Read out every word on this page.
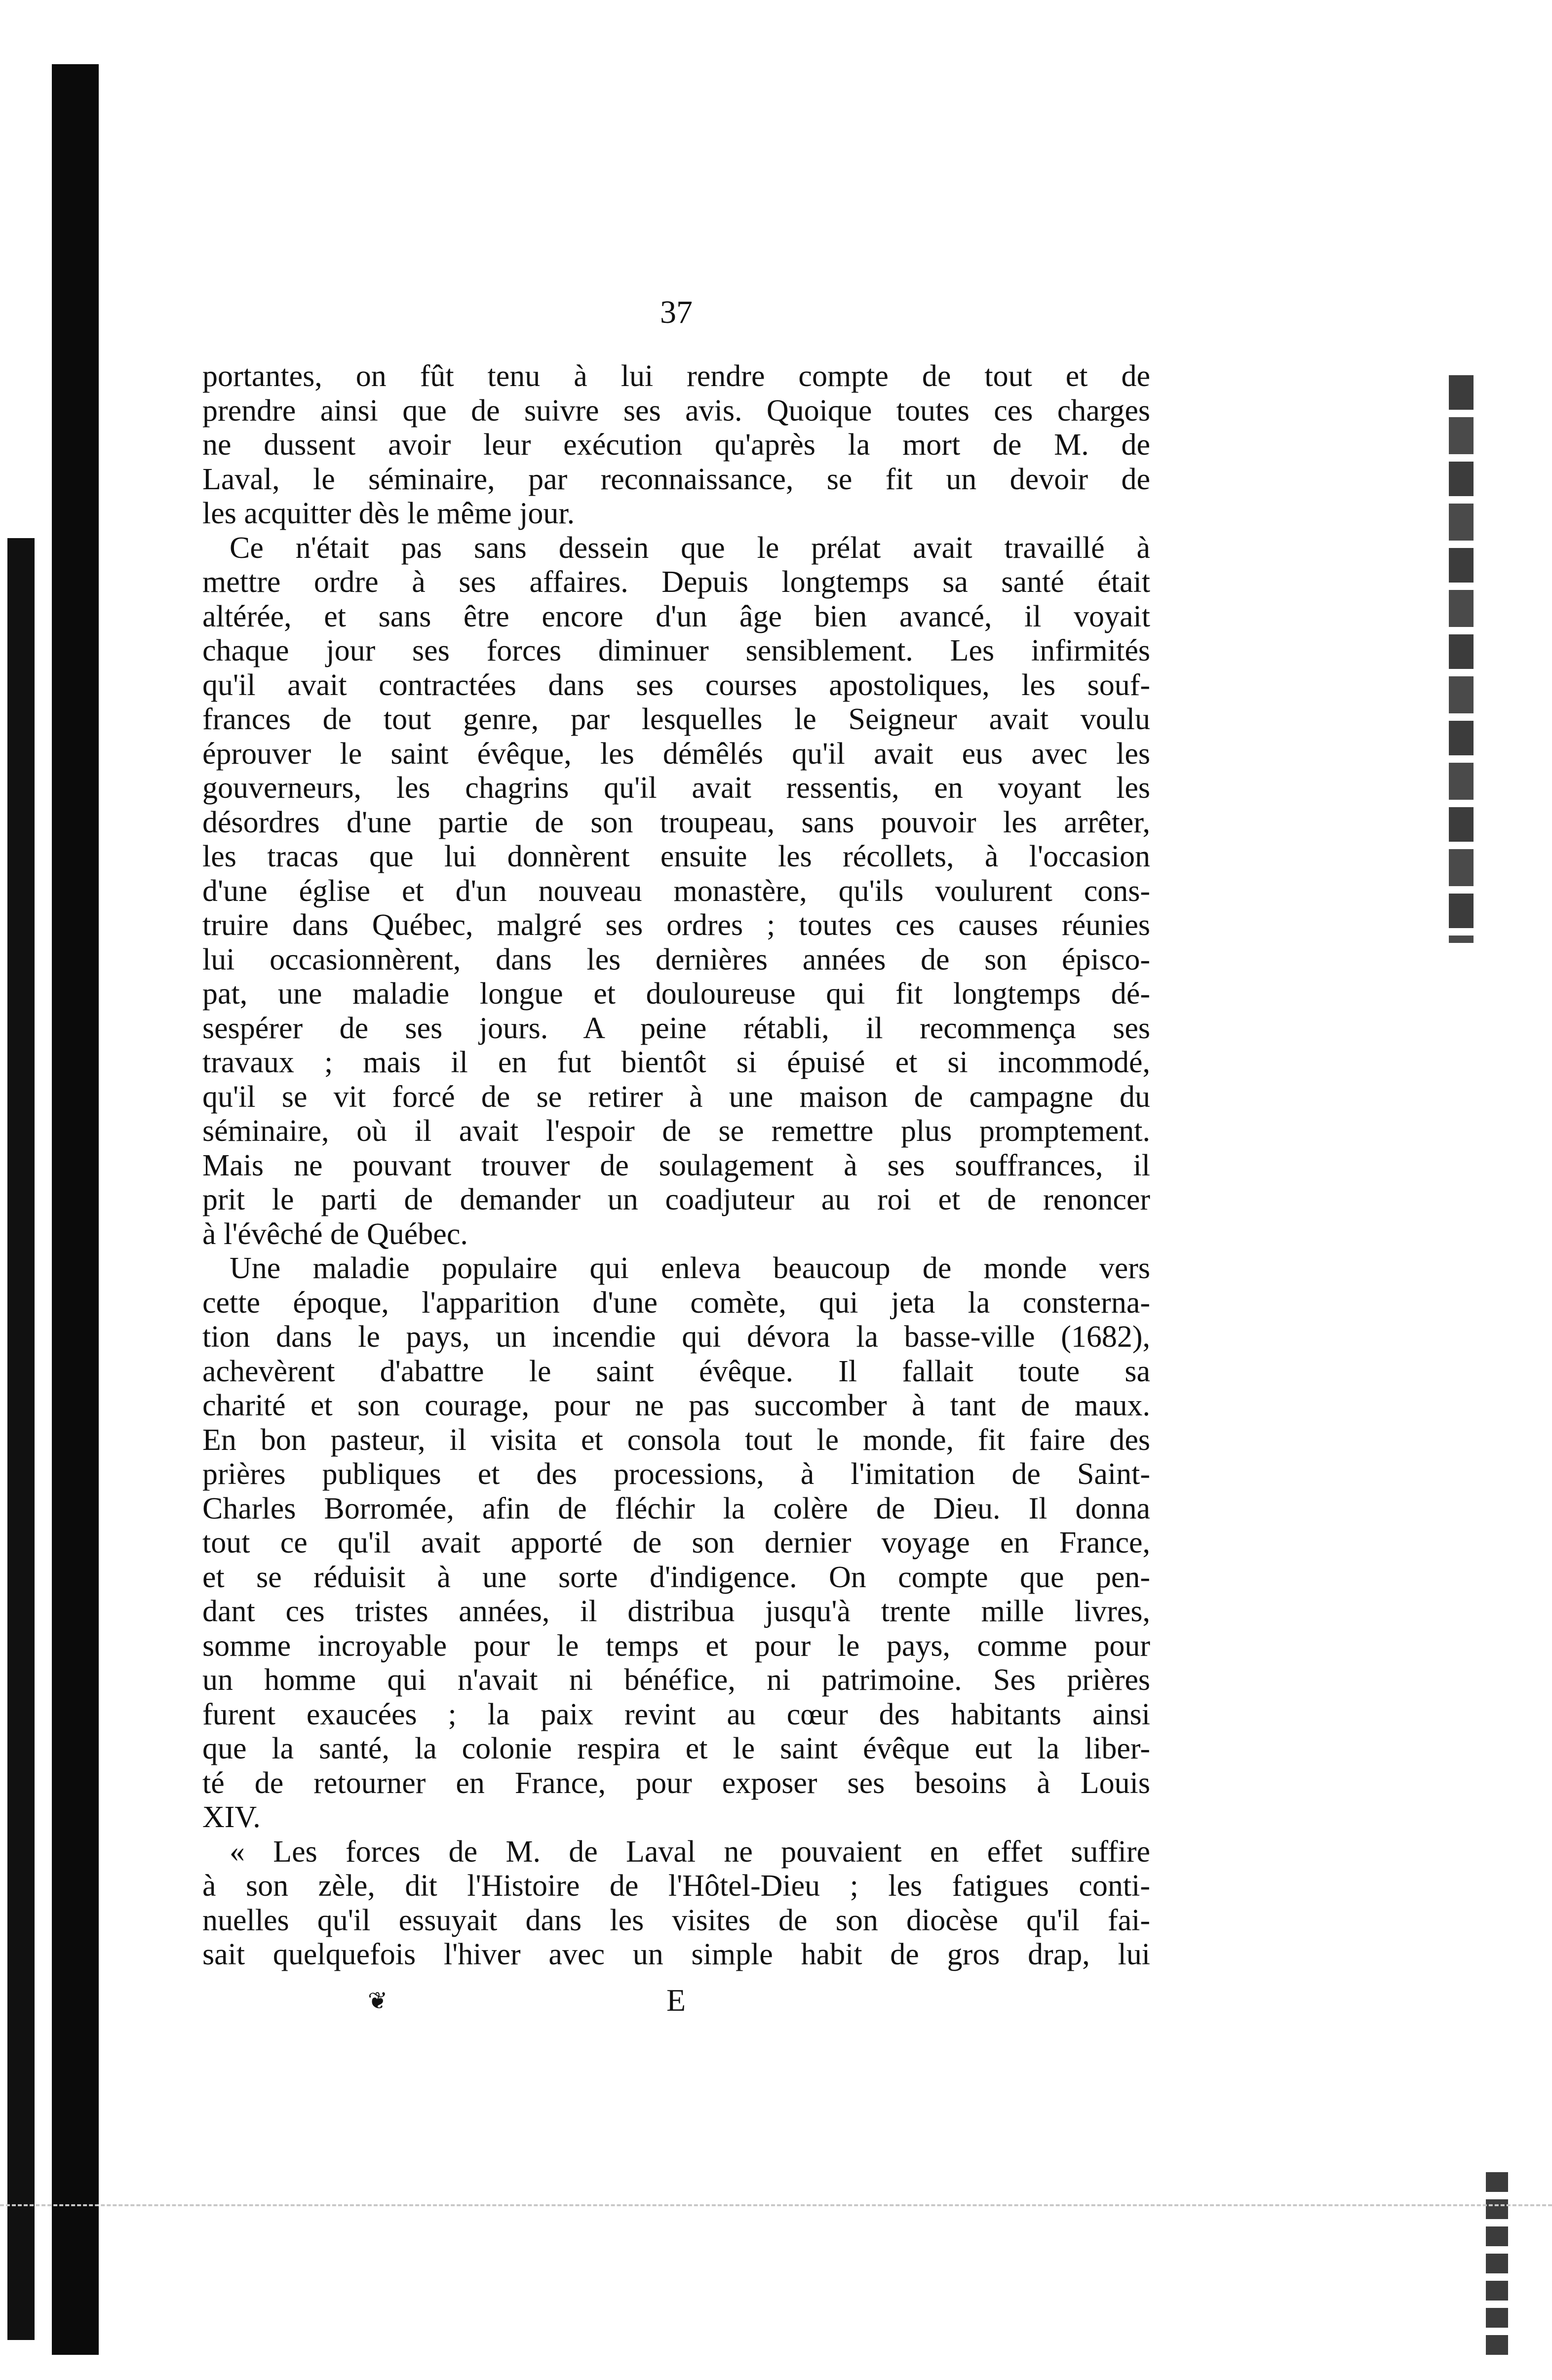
37
portantes, on fût tenu à lui rendre compte de tout et de
prendre ainsi que de suivre ses avis. Quoique toutes ces charges
ne dussent avoir leur exécution qu'après la mort de M. de
Laval, le séminaire, par reconnaissance, se fit un devoir de
les acquitter dès le même jour.
Ce n'était pas sans dessein que le prélat avait travaillé à
mettre ordre à ses affaires. Depuis longtemps sa santé était
altérée, et sans être encore d'un âge bien avancé, il voyait
chaque jour ses forces diminuer sensiblement. Les infirmités
qu'il avait contractées dans ses courses apostoliques, les souf-
frances de tout genre, par lesquelles le Seigneur avait voulu
éprouver le saint évêque, les démêlés qu'il avait eus avec les
gouverneurs, les chagrins qu'il avait ressentis, en voyant les
désordres d'une partie de son troupeau, sans pouvoir les arrêter,
les tracas que lui donnèrent ensuite les récollets, à l'occasion
d'une église et d'un nouveau monastère, qu'ils voulurent cons-
truire dans Québec, malgré ses ordres ; toutes ces causes réunies
lui occasionnèrent, dans les dernières années de son épisco-
pat, une maladie longue et douloureuse qui fit longtemps dé-
sespérer de ses jours. A peine rétabli, il recommença ses
travaux ; mais il en fut bientôt si épuisé et si incommodé,
qu'il se vit forcé de se retirer à une maison de campagne du
séminaire, où il avait l'espoir de se remettre plus promptement.
Mais ne pouvant trouver de soulagement à ses souffrances, il
prit le parti de demander un coadjuteur au roi et de renoncer
à l'évêché de Québec.
Une maladie populaire qui enleva beaucoup de monde vers
cette époque, l'apparition d'une comète, qui jeta la consterna-
tion dans le pays, un incendie qui dévora la basse-ville (1682),
achevèrent d'abattre le saint évêque. Il fallait toute sa
charité et son courage, pour ne pas succomber à tant de maux.
En bon pasteur, il visita et consola tout le monde, fit faire des
prières publiques et des processions, à l'imitation de Saint-
Charles Borromée, afin de fléchir la colère de Dieu. Il donna
tout ce qu'il avait apporté de son dernier voyage en France,
et se réduisit à une sorte d'indigence. On compte que pen-
dant ces tristes années, il distribua jusqu'à trente mille livres,
somme incroyable pour le temps et pour le pays, comme pour
un homme qui n'avait ni bénéfice, ni patrimoine. Ses prières
furent exaucées ; la paix revint au cœur des habitants ainsi
que la santé, la colonie respira et le saint évêque eut la liber-
té de retourner en France, pour exposer ses besoins à Louis
XIV.
« Les forces de M. de Laval ne pouvaient en effet suffire
à son zèle, dit l'Histoire de l'Hôtel-Dieu ; les fatigues conti-
nuelles qu'il essuyait dans les visites de son diocèse qu'il fai-
sait quelquefois l'hiver avec un simple habit de gros drap, lui
❦	E
